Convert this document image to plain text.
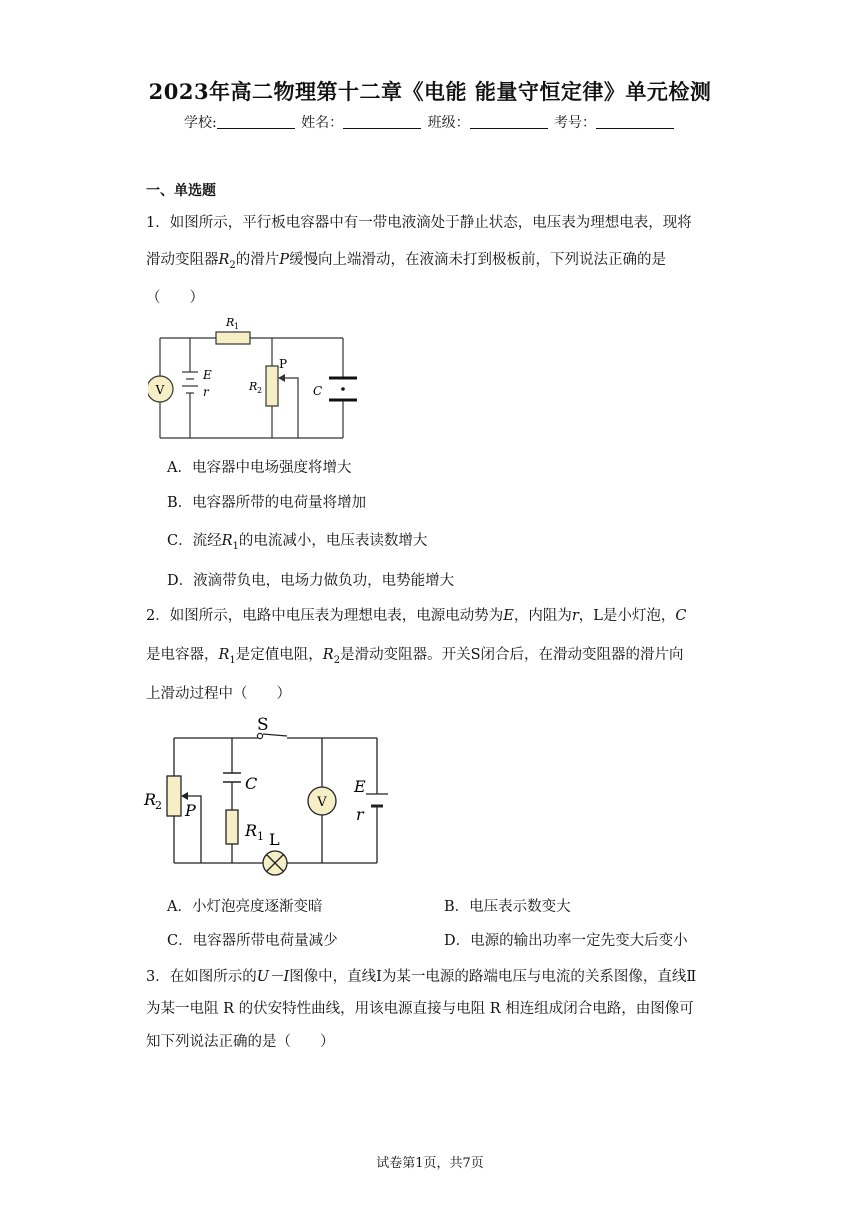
2023年高二物理第十二章《电能 能量守恒定律》单元检测
学校:	姓名：	班级：	考号：
一、单选题
1．如图所示，平行板电容器中有一带电液滴处于静止状态，电压表为理想电表，现将
滑动变阻器$R_2$的滑片P缓慢向上端滑动，在液滴未打到极板前，下列说法正确的是
（　　）
V
R 1
E
r
P
R 2	C
A．电容器中电场强度将增大
B．电容器所带的电荷量将增加
C．流经$R_1$的电流减小，电压表读数增大
D．液滴带负电，电场力做负功，电势能增大
2．如图所示，电路中电压表为理想电表，电源电动势为E，内阻为r，L是小灯泡，C
是电容器，$R_1$是定值电阻，$R_2$是滑动变阻器。开关S闭合后，在滑动变阻器的滑片向
上滑动过程中（　　）
V
S
C
R
2 P
R 1 L
E
r
A．小灯泡亮度逐渐变暗	B．电压表示数变大
C．电容器所带电荷量减少	D．电源的输出功率一定先变大后变小
3．在如图所示的U－I图像中，直线Ⅰ为某一电源的路端电压与电流的关系图像，直线Ⅱ
为某一电阻 R 的伏安特性曲线，用该电源直接与电阻 R 相连组成闭合电路，由图像可
知下列说法正确的是（　　）
试卷第1页，共7页
